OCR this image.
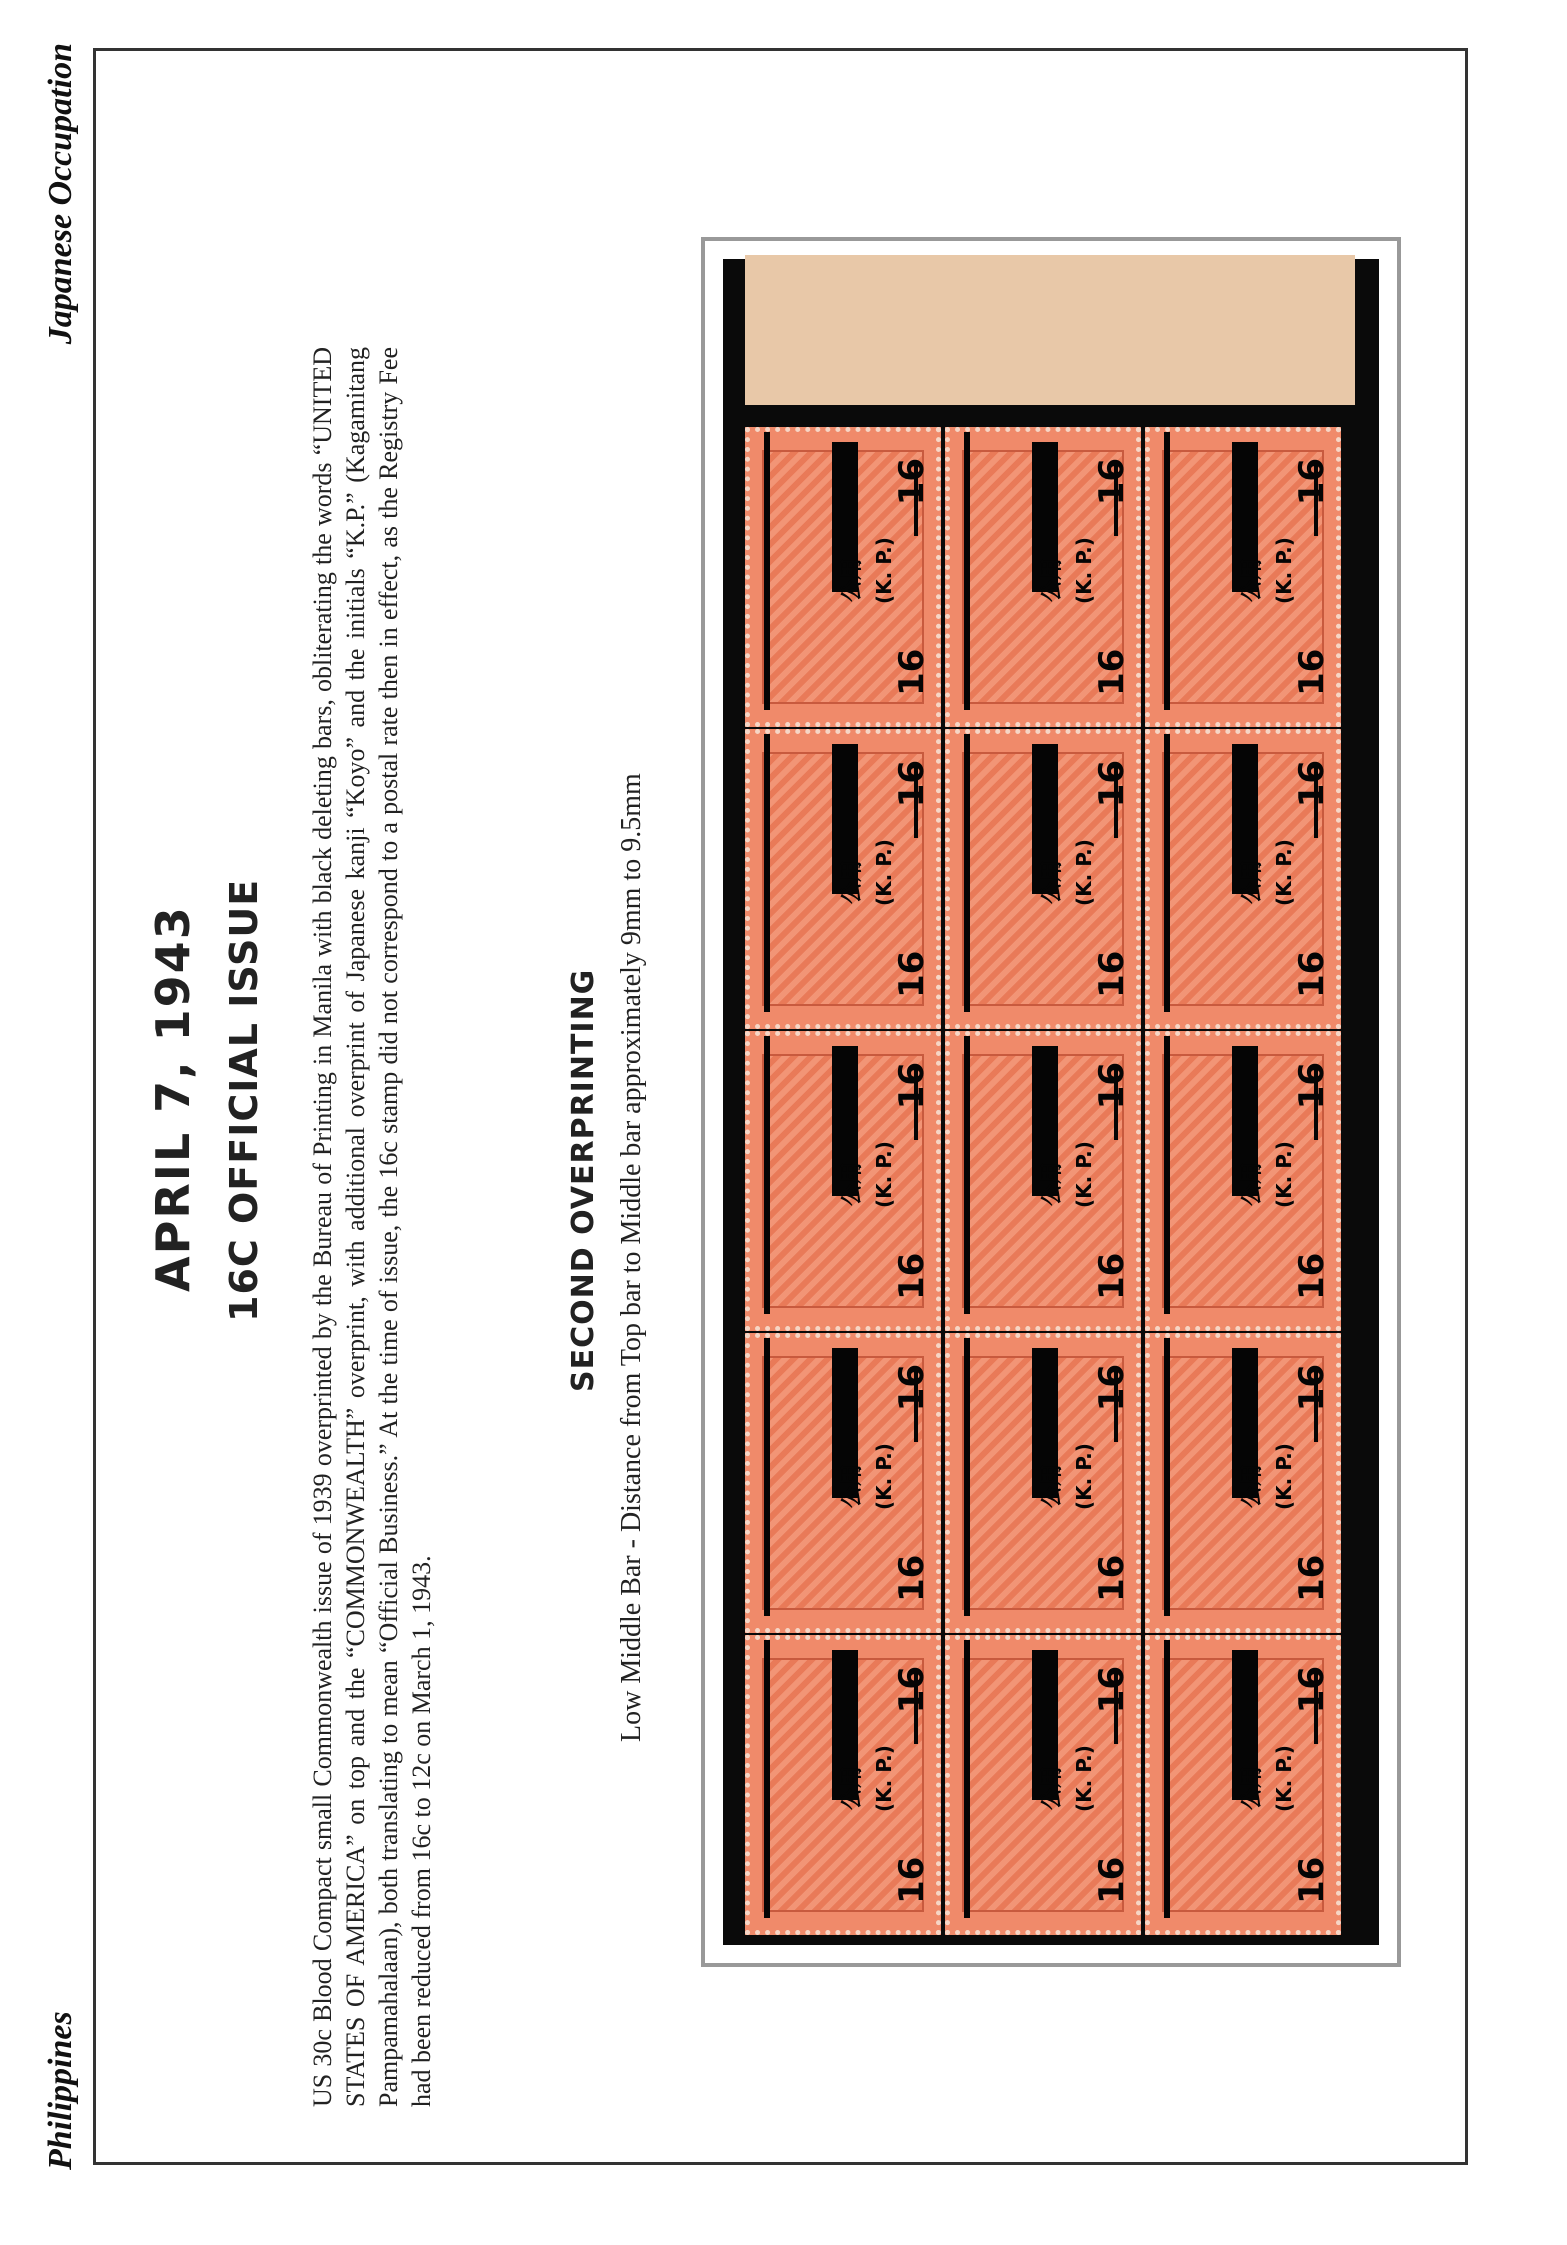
Philippines
Japanese Occupation
APRIL 7, 1943 16C OFFICIAL ISSUE US 30c Blood Compact small Commonwealth issue of 1939 overprinted by the Bureau of Printing in Manila with black deleting bars, obliterating the words “UNITED STATES OF AMERICA” on top and the “COMMONWEALTH” overprint, with additional overprint of Japanese kanji “Koyo” and the initials “K.P.” (Kagamitang Pampamahalaan), both translating to mean “Official Business.” At the time of issue, the 16c stamp did not correspond to a postal rate then in effect, as the Registry Fee had been reduced from 16c to 12c on March 1, 1943.
SECOND OVERPRINTING Low Middle Bar - Distance from Top bar to Middle bar approximately 9mm to 9.5mm
公用 (K. P.)
16
16
公用 (K. P.)
16
16
公用 (K. P.)
16
16
公用 (K. P.)
16
16
公用 (K. P.)
16
16
公用 (K. P.)
16
16
公用 (K. P.)
16
16
公用 (K. P.)
16
16
公用 (K. P.)
16
16
公用 (K. P.)
16
16
公用 (K. P.)
16
16
公用 (K. P.)
16
16
公用 (K. P.)
16
16
公用 (K. P.)
16
16
公用 (K. P.)
16
16
